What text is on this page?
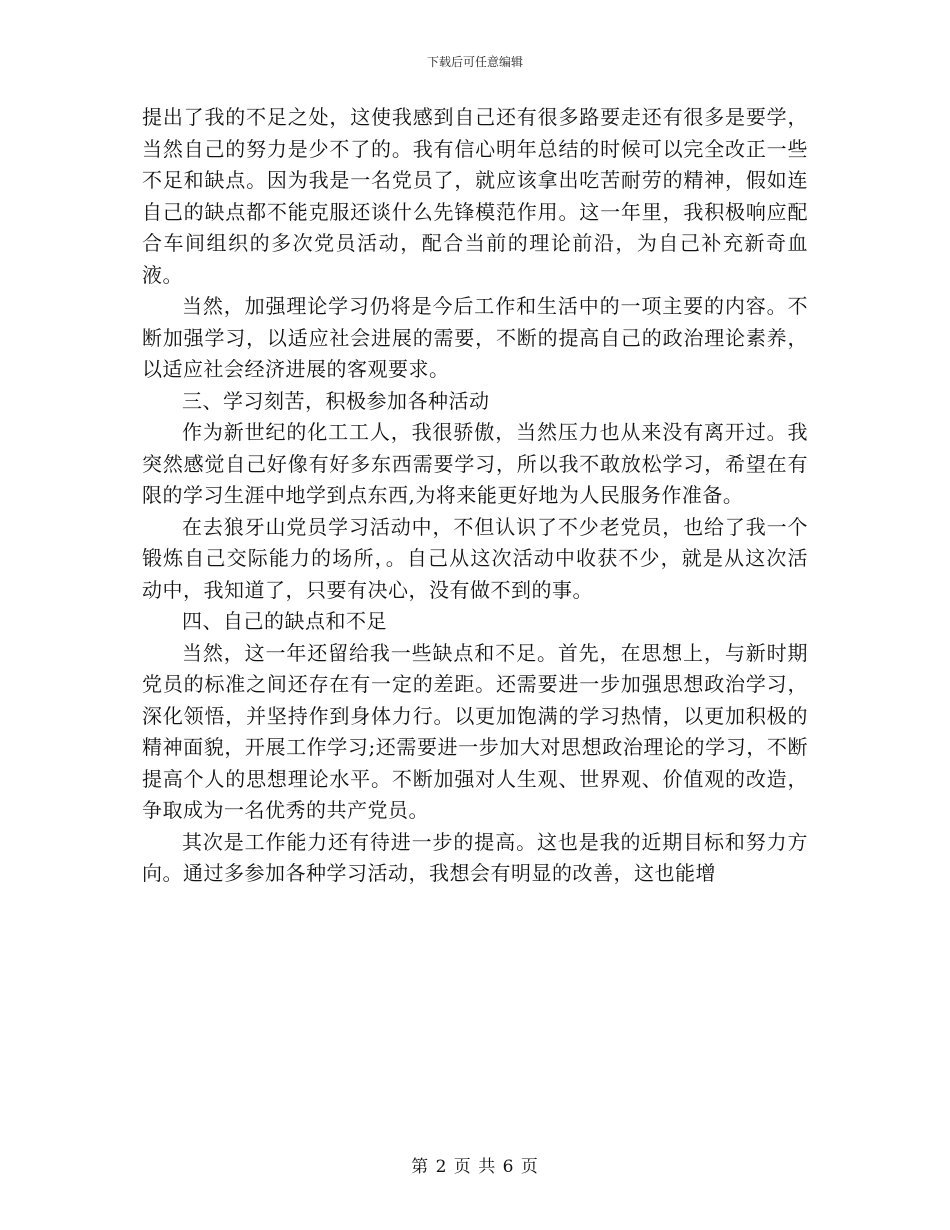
下载后可任意编辑

提出了我的不足之处，这使我感到自己还有很多路要走还有很多是要学，当然自己的努力是少不了的。我有信心明年总结的时候可以完全改正一些不足和缺点。因为我是一名党员了，就应该拿出吃苦耐劳的精神，假如连自己的缺点都不能克服还谈什么先锋模范作用。这一年里，我积极响应配合车间组织的多次党员活动，配合当前的理论前沿，为自己补充新奇血液。

当然，加强理论学习仍将是今后工作和生活中的一项主要的内容。不断加强学习，以适应社会进展的需要，不断的提高自己的政治理论素养，以适应社会经济进展的客观要求。

三、学习刻苦，积极参加各种活动

作为新世纪的化工工人，我很骄傲，当然压力也从来没有离开过。我突然感觉自己好像有好多东西需要学习，所以我不敢放松学习，希望在有限的学习生涯中地学到点东西,为将来能更好地为人民服务作准备。

在去狼牙山党员学习活动中，不但认识了不少老党员，也给了我一个锻炼自己交际能力的场所，。自己从这次活动中收获不少，就是从这次活动中，我知道了，只要有决心，没有做不到的事。

四、自己的缺点和不足

当然，这一年还留给我一些缺点和不足。首先，在思想上，与新时期党员的标准之间还存在有一定的差距。还需要进一步加强思想政治学习，深化领悟，并坚持作到身体力行。以更加饱满的学习热情，以更加积极的精神面貌，开展工作学习;还需要进一步加大对思想政治理论的学习，不断提高个人的思想理论水平。不断加强对人生观、世界观、价值观的改造，争取成为一名优秀的共产党员。

其次是工作能力还有待进一步的提高。这也是我的近期目标和努力方向。通过多参加各种学习活动，我想会有明显的改善，这也能增

第 2 页 共 6 页
